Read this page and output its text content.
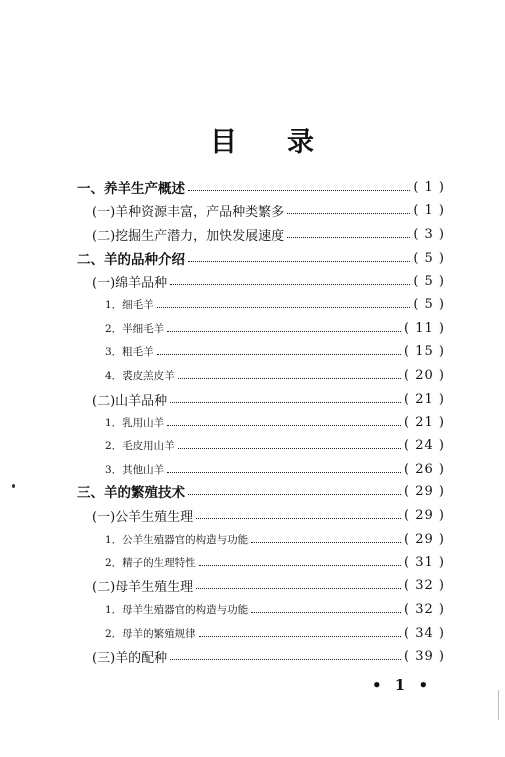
目 录
一、养羊生产概述	( 1 )
(一)羊种资源丰富，产品种类繁多	( 1 )
(二)挖掘生产潜力，加快发展速度	( 3 )
二、羊的品种介绍	( 5 )
(一)绵羊品种	( 5 )
1．细毛羊	( 5 )
2．半细毛羊	( 11 )
3．粗毛羊	( 15 )
4．裘皮羔皮羊	( 20 )
(二)山羊品种	( 21 )
1．乳用山羊	( 21 )
2．毛皮用山羊	( 24 )
3．其他山羊	( 26 )
三、羊的繁殖技术	( 29 )
(一)公羊生殖生理	( 29 )
1．公羊生殖器官的构造与功能	( 29 )
2．精子的生理特性	( 31 )
(二)母羊生殖生理	( 32 )
1．母羊生殖器官的构造与功能	( 32 )
2．母羊的繁殖规律	( 34 )
(三)羊的配种	( 39 )
• 1 •
